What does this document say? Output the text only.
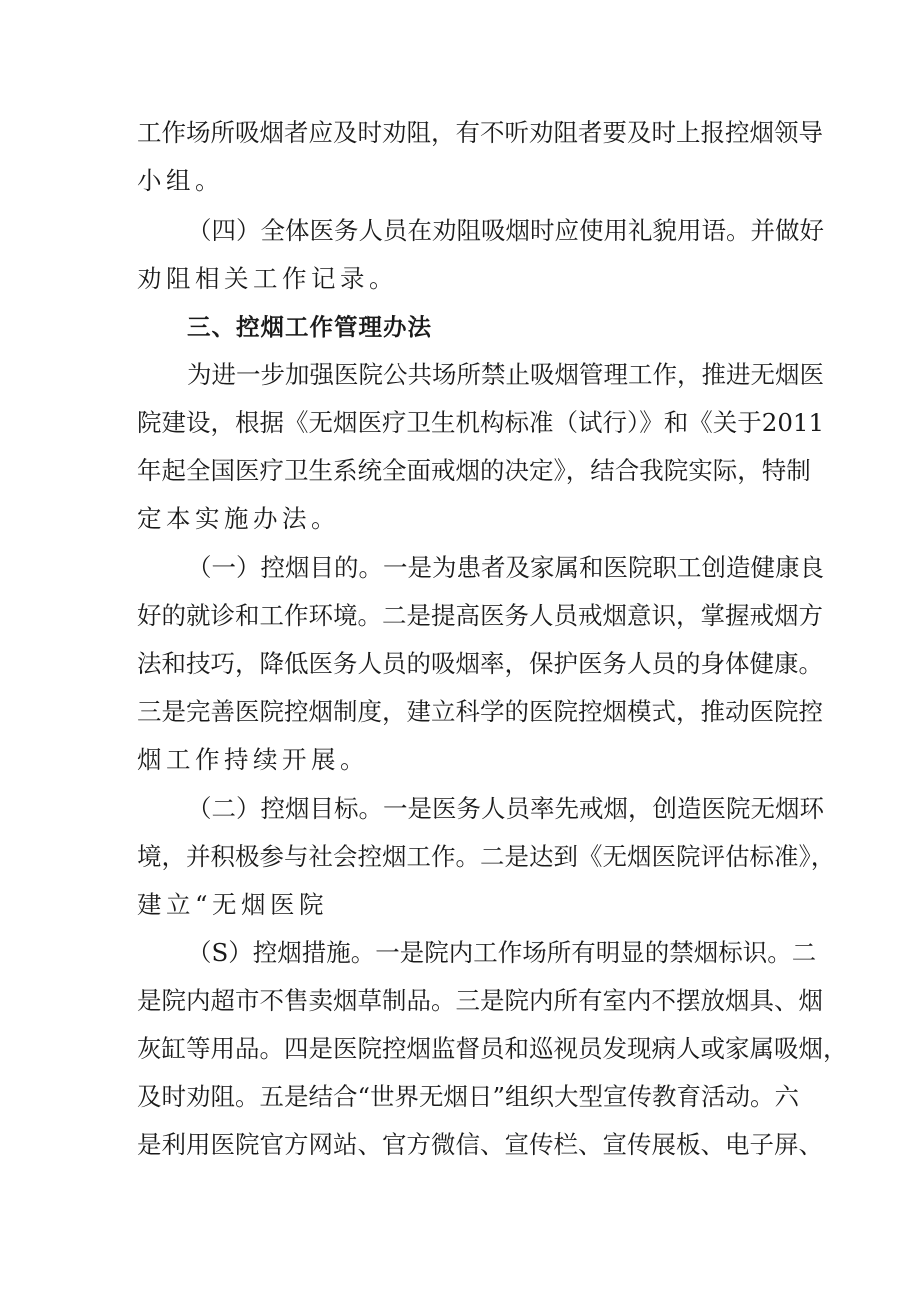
工作场所吸烟者应及时劝阻，有不听劝阻者要及时上报控烟领导
小组。
（四）全体医务人员在劝阻吸烟时应使用礼貌用语。并做好
劝阻相关工作记录。
三、控烟工作管理办法
为进一步加强医院公共场所禁止吸烟管理工作，推进无烟医
院建设，根据《无烟医疗卫生机构标准（试行）》和《关于2011
年起全国医疗卫生系统全面戒烟的决定》，结合我院实际，特制
定本实施办法。
（一）控烟目的。一是为患者及家属和医院职工创造健康良
好的就诊和工作环境。二是提高医务人员戒烟意识，掌握戒烟方
法和技巧，降低医务人员的吸烟率，保护医务人员的身体健康。
三是完善医院控烟制度，建立科学的医院控烟模式，推动医院控
烟工作持续开展。
（二）控烟目标。一是医务人员率先戒烟，创造医院无烟环
境，并积极参与社会控烟工作。二是达到《无烟医院评估标准》，
建立“无烟医院
（S）控烟措施。一是院内工作场所有明显的禁烟标识。二
是院内超市不售卖烟草制品。三是院内所有室内不摆放烟具、烟
灰缸等用品。四是医院控烟监督员和巡视员发现病人或家属吸烟，
及时劝阻。五是结合“世界无烟日”组织大型宣传教育活动。六
是利用医院官方网站、官方微信、宣传栏、宣传展板、电子屏、
